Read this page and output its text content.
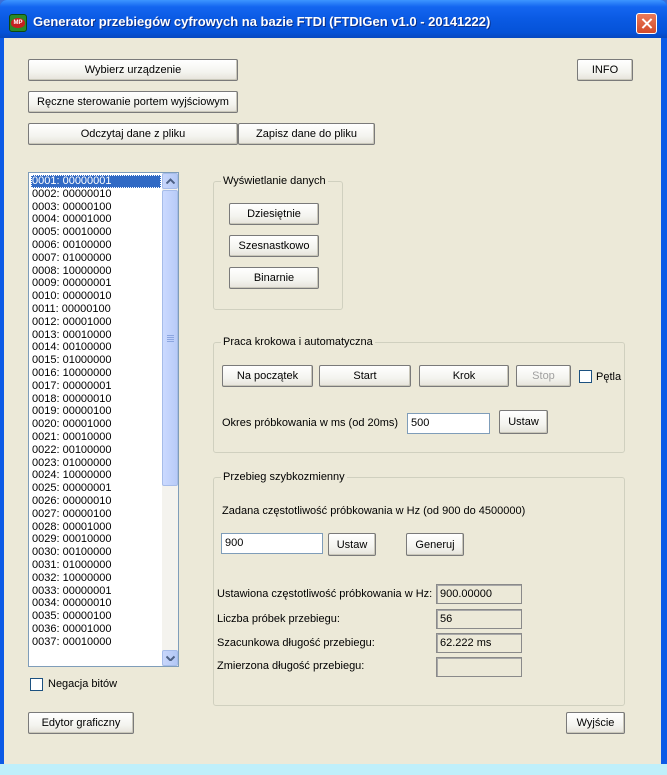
MP Generator przebiegów cyfrowych na bazie FTDI (FTDIGen v1.0 - 20141222)
Wybierz urządzenie
Ręczne sterowanie portem wyjściowym
Odczytaj dane z pliku	Zapisz dane do pliku
INFO
0001: 00000001
0002: 00000010
0003: 00000100
0004: 00001000
0005: 00010000
0006: 00100000
0007: 01000000
0008: 10000000
0009: 00000001
0010: 00000010
0011: 00000100
0012: 00001000
0013: 00010000
0014: 00100000
0015: 01000000
0016: 10000000
0017: 00000001
0018: 00000010
0019: 00000100
0020: 00001000
0021: 00010000
0022: 00100000
0023: 01000000
0024: 10000000
0025: 00000001
0026: 00000010
0027: 00000100
0028: 00001000
0029: 00010000
0030: 00100000
0031: 01000000
0032: 10000000
0033: 00000001
0034: 00000010
0035: 00000100
0036: 00001000
0037: 00010000
Negacja bitów
Wyświetlanie danych
Dziesiętnie
Szesnastkowo
Binarnie
Praca krokowa i automatyczna
Na początek	Start	Krok	Stop	Pętla
Okres próbkowania w ms (od 20ms)	500	Ustaw
Przebieg szybkozmienny
Zadana częstotliwość próbkowania w Hz (od 900 do 4500000)
900	Ustaw	Generuj
Ustawiona częstotliwość próbkowania w Hz: 900.00000
Liczba próbek przebiegu:	56
Szacunkowa długość przebiegu:	62.222 ms
Zmierzona długość przebiegu:
Edytor graficzny	Wyjście
